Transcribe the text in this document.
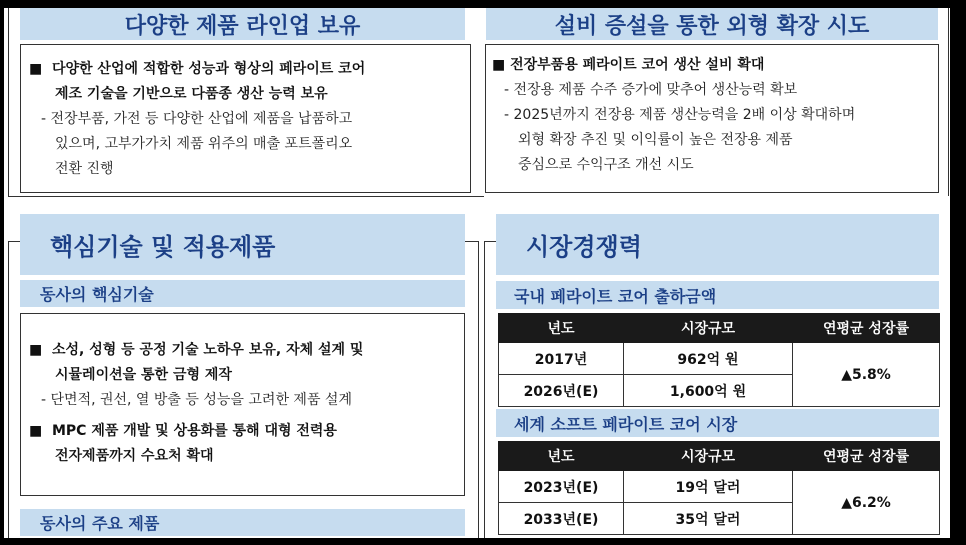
다양한 제품 라인업 보유
■  다양한 산업에 적합한 성능과 형상의 페라이트 코어
제조 기술을 기반으로 다품종 생산 능력 보유
- 전장부품, 가전 등 다양한 산업에 제품을 납품하고
있으며, 고부가가치 제품 위주의 매출 포트폴리오
전환 진행
설비 증설을 통한 외형 확장 시도
■ 전장부품용 페라이트 코어 생산 설비 확대
- 전장용 제품 수주 증가에 맞추어 생산능력 확보
- 2025년까지 전장용 제품 생산능력을 2배 이상 확대하며
외형 확장 추진 및 이익률이 높은 전장용 제품
중심으로 수익구조 개선 시도
핵심기술 및 적용제품
동사의 핵심기술
■  소성, 성형 등 공정 기술 노하우 보유, 자체 설계 및
시뮬레이션을 통한 금형 제작
- 단면적, 권선, 열 방출 등 성능을 고려한 제품 설계
■  MPC 제품 개발 및 상용화를 통해 대형 전력용
전자제품까지 수요처 확대
동사의 주요 제품
시장경쟁력
국내 페라이트 코어 출하금액
년도	시장규모	연평균 성장률
2017년	962억 원	▲5.8%
2026년(E)	1,600억 원	
세계 소프트 페라이트 코어 시장
년도	시장규모	연평균 성장률
2023년(E)	19억 달러	▲6.2%
2033년(E)	35억 달러	
